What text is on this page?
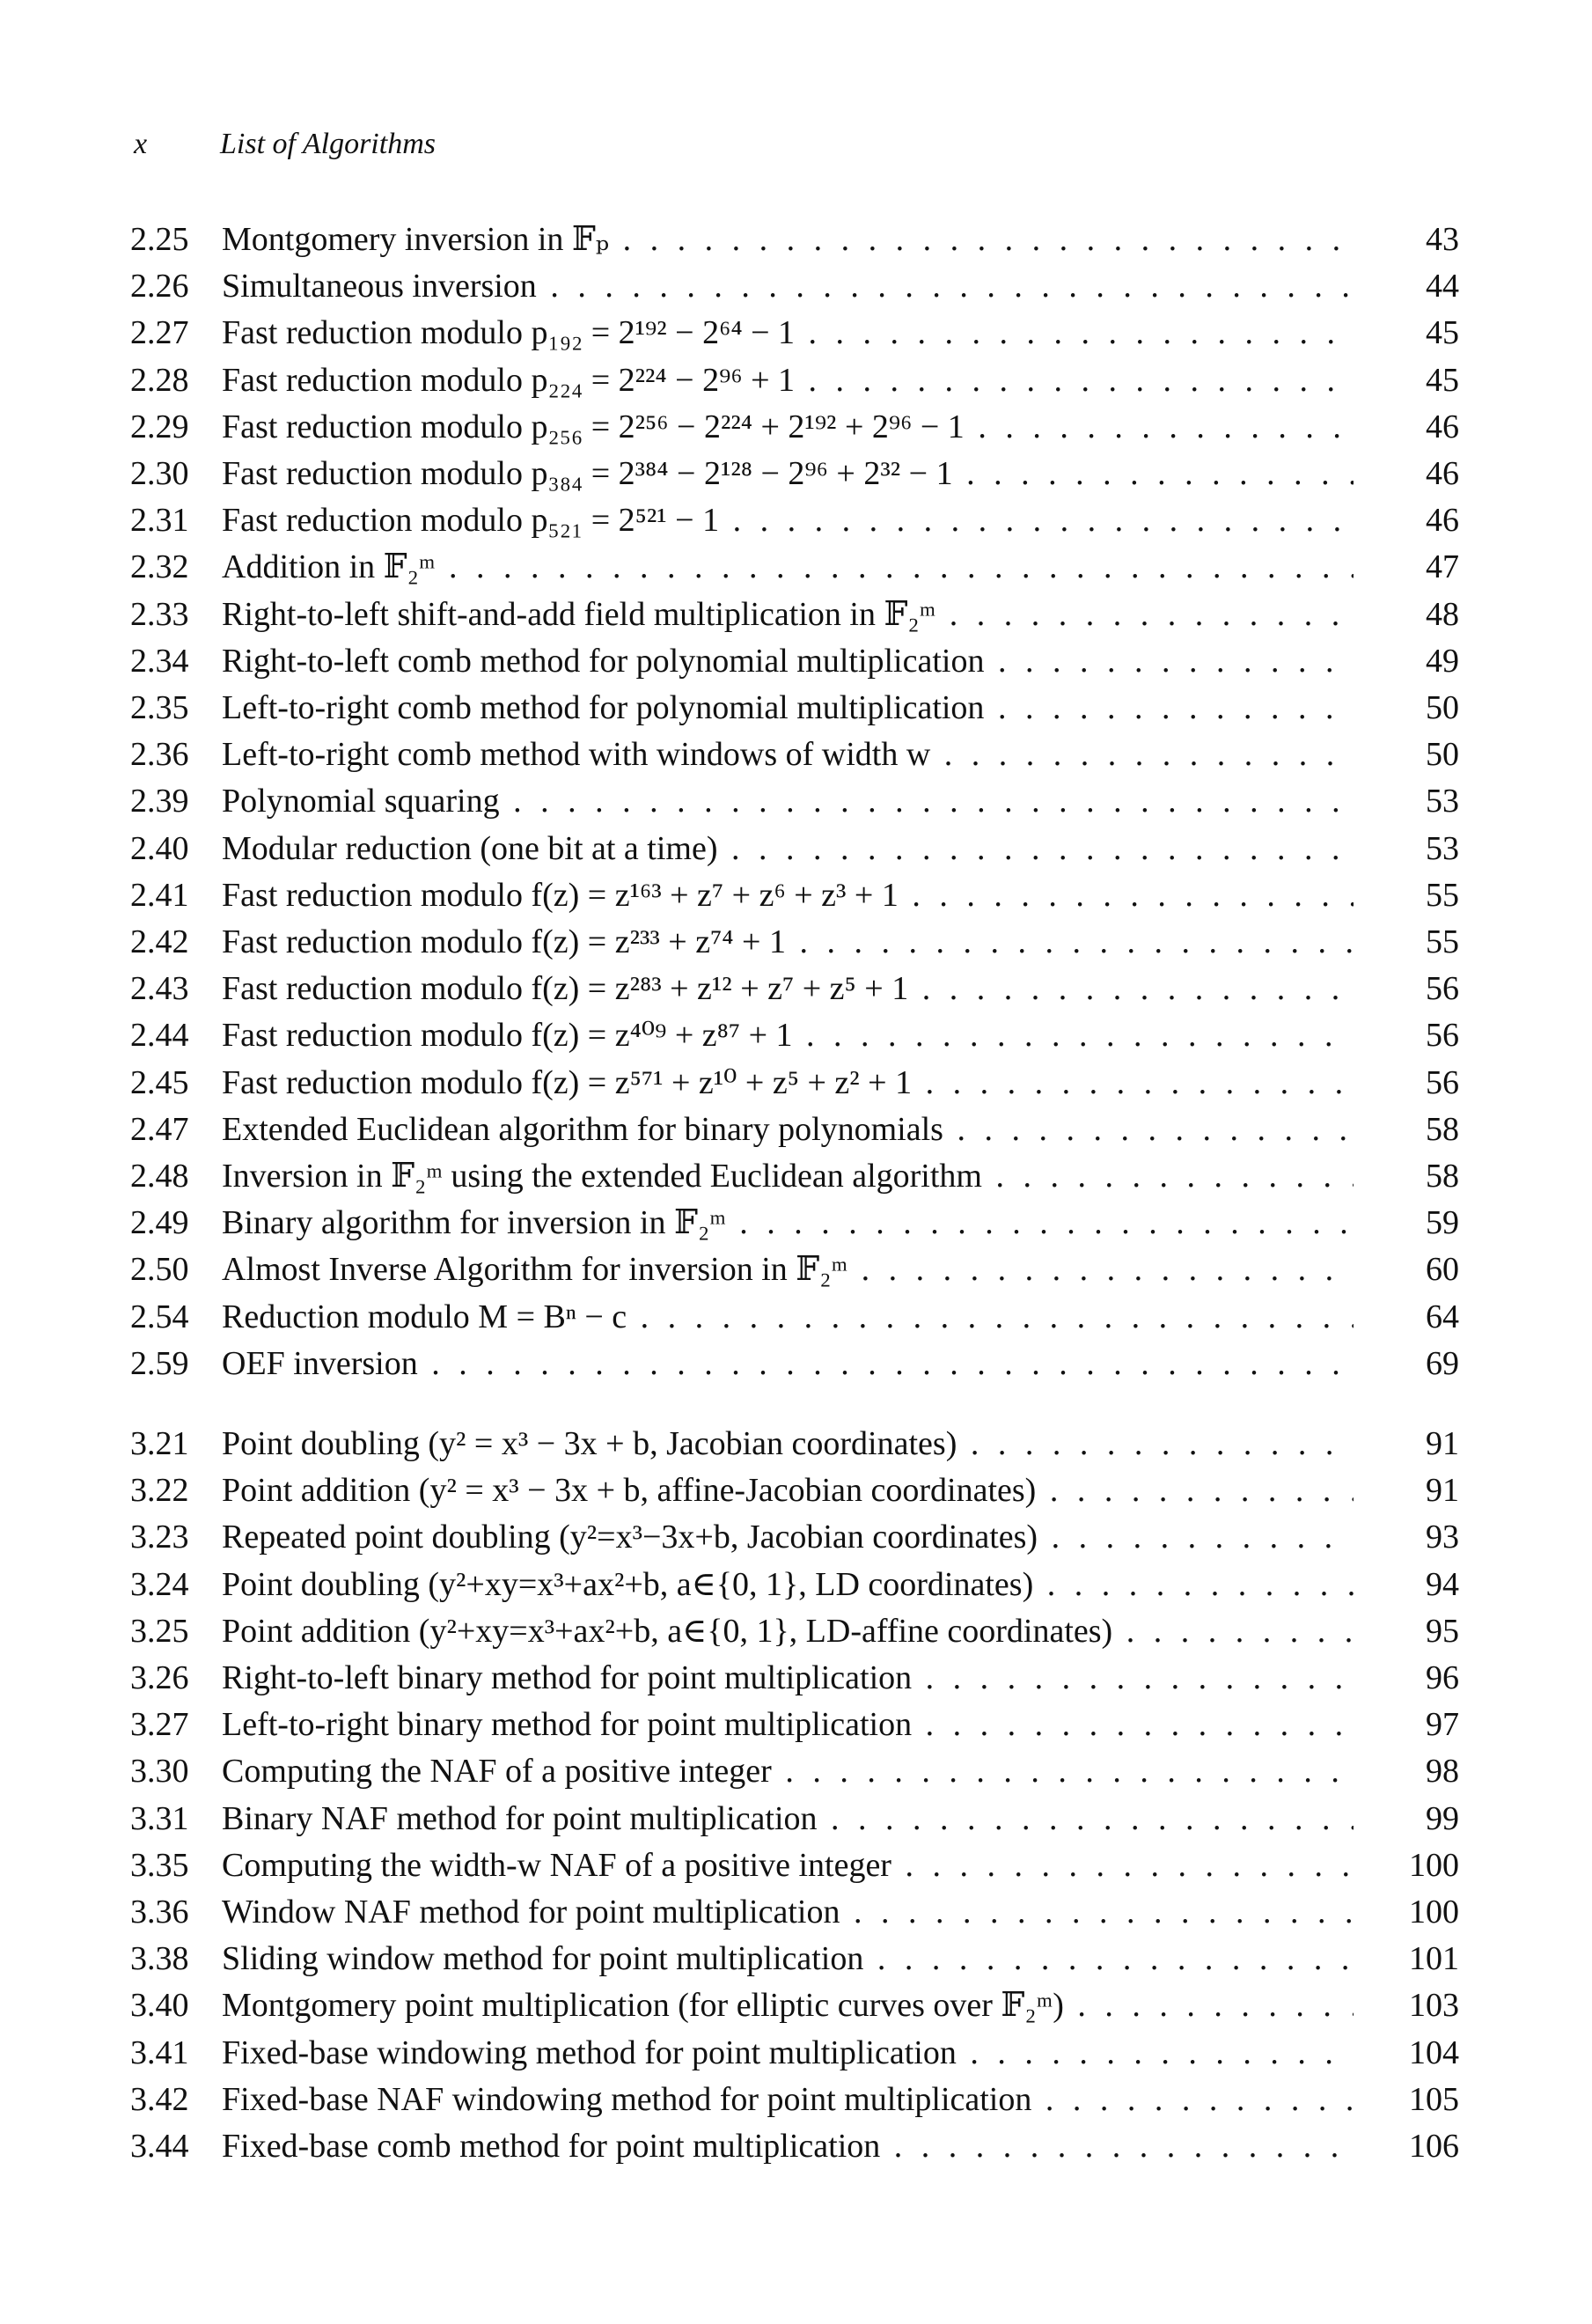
x List of Algorithms
2.25 Montgomery inversion in 𝔽ₚ . . .	43
2.26 Simultaneous inversion . . .	44
2.27 Fast reduction modulo p₁₉₂ = 2¹⁹² − 2⁶⁴ − 1 . . .	45
2.28 Fast reduction modulo p₂₂₄ = 2²²⁴ − 2⁹⁶ + 1 . . .	45
2.29 Fast reduction modulo p₂₅₆ = 2²⁵⁶ − 2²²⁴ + 2¹⁹² + 2⁹⁶ − 1 . . .	46
2.30 Fast reduction modulo p₃₈₄ = 2³⁸⁴ − 2¹²⁸ − 2⁹⁶ + 2³² − 1 . . .	46
2.31 Fast reduction modulo p₅₂₁ = 2⁵²¹ − 1 . . .	46
2.32 Addition in 𝔽₂ᵐ . . .	47
2.33 Right-to-left shift-and-add field multiplication in 𝔽₂ᵐ . . .	48
2.34 Right-to-left comb method for polynomial multiplication . . .	49
2.35 Left-to-right comb method for polynomial multiplication . . .	50
2.36 Left-to-right comb method with windows of width w . . .	50
2.39 Polynomial squaring . . .	53
2.40 Modular reduction (one bit at a time) . . .	53
2.41 Fast reduction modulo f(z) = z¹⁶³ + z⁷ + z⁶ + z³ + 1 . . .	55
2.42 Fast reduction modulo f(z) = z²³³ + z⁷⁴ + 1 . . .	55
2.43 Fast reduction modulo f(z) = z²⁸³ + z¹² + z⁷ + z⁵ + 1 . . .	56
2.44 Fast reduction modulo f(z) = z⁴⁰⁹ + z⁸⁷ + 1 . . .	56
2.45 Fast reduction modulo f(z) = z⁵⁷¹ + z¹⁰ + z⁵ + z² + 1 . . .	56
2.47 Extended Euclidean algorithm for binary polynomials . . .	58
2.48 Inversion in 𝔽₂ᵐ using the extended Euclidean algorithm . . .	58
2.49 Binary algorithm for inversion in 𝔽₂ᵐ . . .	59
2.50 Almost Inverse Algorithm for inversion in 𝔽₂ᵐ . . .	60
2.54 Reduction modulo M = Bⁿ − c . . .	64
2.59 OEF inversion . . .	69
3.21 Point doubling (y² = x³ − 3x + b, Jacobian coordinates) . . .	91
3.22 Point addition (y² = x³ − 3x + b, affine-Jacobian coordinates) . . .	91
3.23 Repeated point doubling (y²=x³−3x+b, Jacobian coordinates) . . .	93
3.24 Point doubling (y²+xy=x³+ax²+b, a∈{0, 1}, LD coordinates) . . .	94
3.25 Point addition (y²+xy=x³+ax²+b, a∈{0, 1}, LD-affine coordinates) . . .	95
3.26 Right-to-left binary method for point multiplication . . .	96
3.27 Left-to-right binary method for point multiplication . . .	97
3.30 Computing the NAF of a positive integer . . .	98
3.31 Binary NAF method for point multiplication . . .	99
3.35 Computing the width-w NAF of a positive integer . . .	100
3.36 Window NAF method for point multiplication . . .	100
3.38 Sliding window method for point multiplication . . .	101
3.40 Montgomery point multiplication (for elliptic curves over 𝔽₂ᵐ) . . .	103
3.41 Fixed-base windowing method for point multiplication . . .	104
3.42 Fixed-base NAF windowing method for point multiplication . . .	105
3.44 Fixed-base comb method for point multiplication . . .	106
